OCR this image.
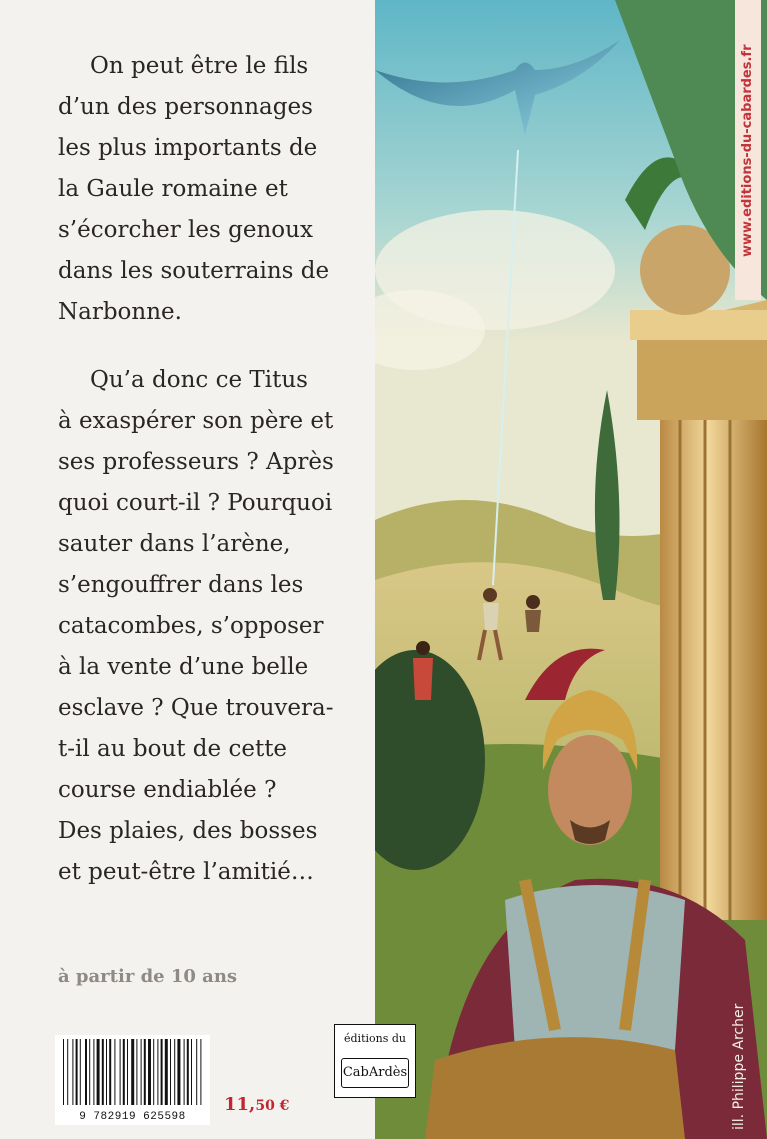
On peut être le fils
d’un des personnages
les plus importants de
la Gaule romaine et
s’écorcher les genoux
dans les souterrains de
Narbonne.

Qu’a donc ce Titus
à exaspérer son père et
ses professeurs ? Après
quoi court-il ? Pourquoi
sauter dans l’arène,
s’engouffrer dans les
catacombes, s’opposer
à la vente d’une belle
esclave ? Que trouvera-
t-il au bout de cette
course endiablée ?
Des plaies, des bosses
et peut-être l’amitié…

à partir de 10 ans
9 782919 625598
11,50 €
www.editions-du-cabardes.fr
ill. Philippe Archer
éditions du
CabArdès
